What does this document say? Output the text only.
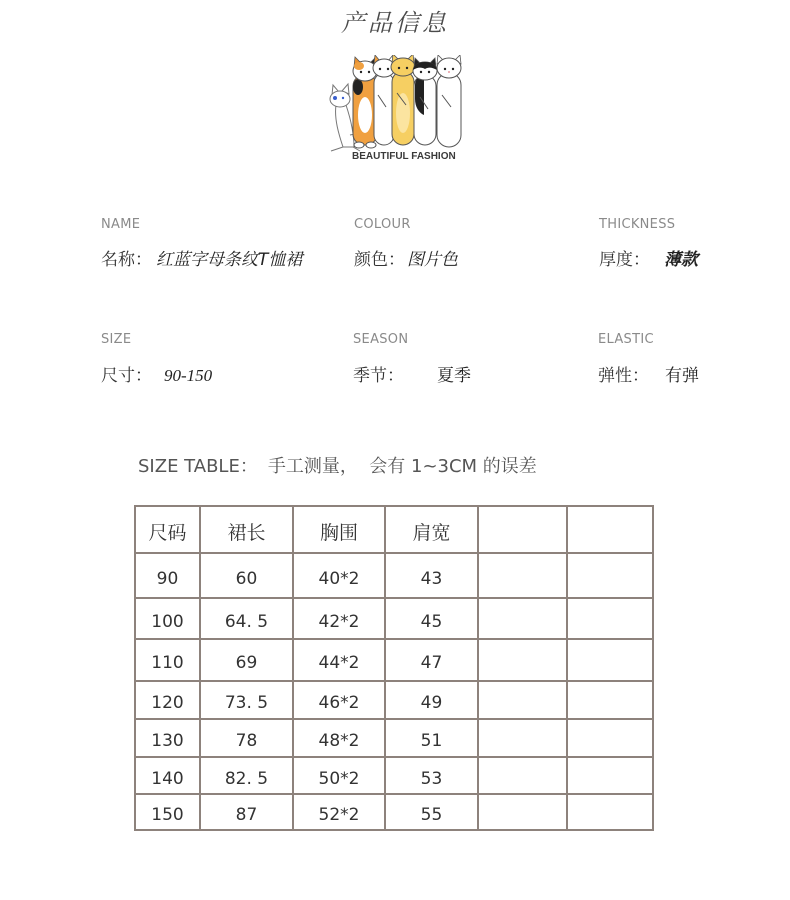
产品信息
BEAUTIFUL FASHION
NAME
名称： 红蓝字母条纹T恤裙
COLOUR
颜色： 图片色
THICKNESS
厚度： 薄款
SIZE
尺寸： 90-150
SEASON
季节： 夏季
ELASTIC
弹性： 有弹
SIZE TABLE： 手工测量，  会有 1~3CM 的误差
尺码	裙长	胸围	肩宽		
90	60	40*2	43		
100	64. 5	42*2	45		
110	69	44*2	47		
120	73. 5	46*2	49		
130	78	48*2	51		
140	82. 5	50*2	53		
150	87	52*2	55		
